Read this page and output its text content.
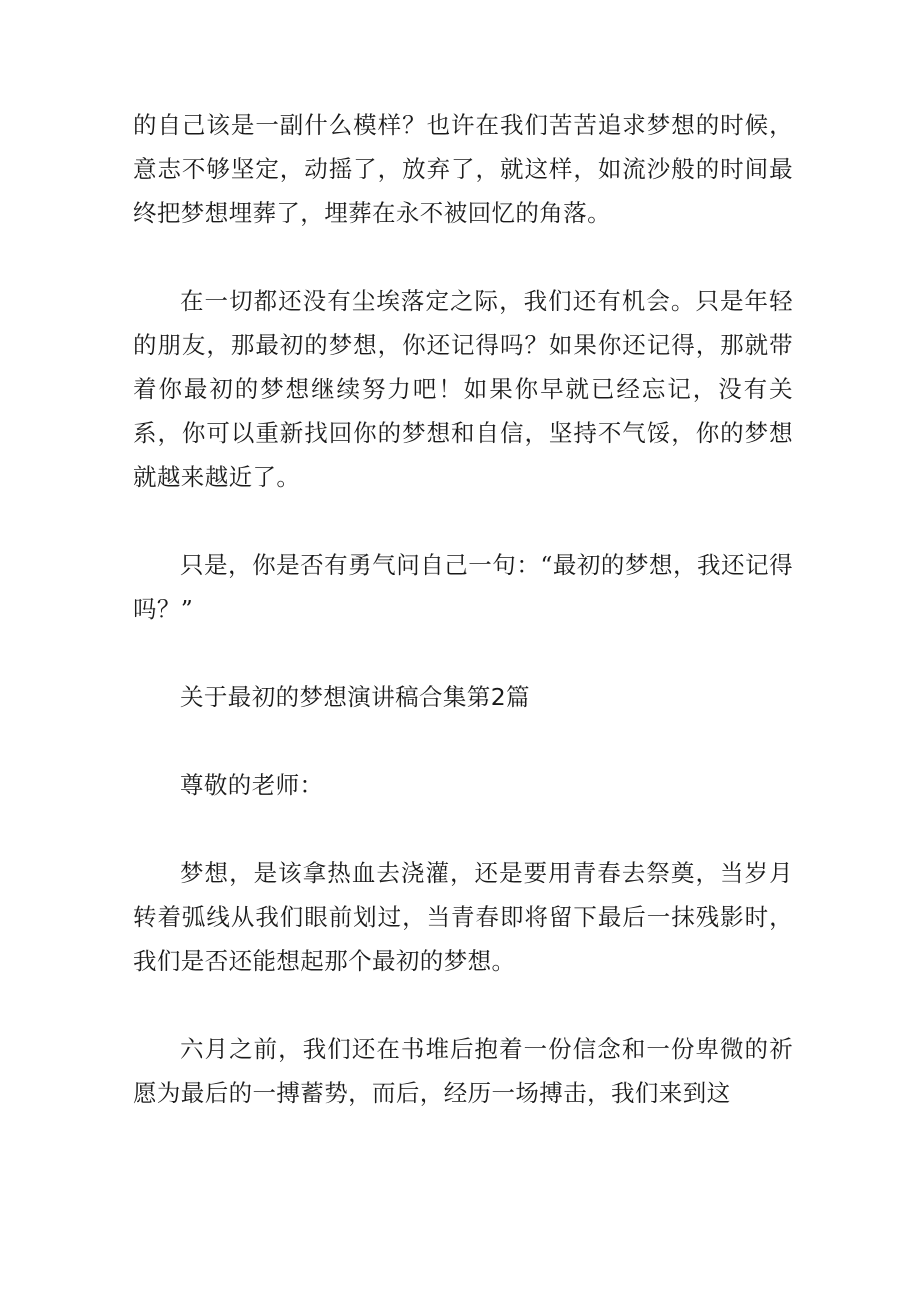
的自己该是一副什么模样？也许在我们苦苦追求梦想的时候，意志不够坚定，动摇了，放弃了，就这样，如流沙般的时间最终把梦想埋葬了，埋葬在永不被回忆的角落。

在一切都还没有尘埃落定之际，我们还有机会。只是年轻的朋友，那最初的梦想，你还记得吗？如果你还记得，那就带着你最初的梦想继续努力吧！如果你早就已经忘记，没有关系，你可以重新找回你的梦想和自信，坚持不气馁，你的梦想就越来越近了。

只是，你是否有勇气问自己一句：“最初的梦想，我还记得吗？”

关于最初的梦想演讲稿合集第2篇

尊敬的老师：

梦想，是该拿热血去浇灌，还是要用青春去祭奠，当岁月转着弧线从我们眼前划过，当青春即将留下最后一抹残影时，我们是否还能想起那个最初的梦想。

六月之前，我们还在书堆后抱着一份信念和一份卑微的祈愿为最后的一搏蓄势，而后，经历一场搏击，我们来到这
